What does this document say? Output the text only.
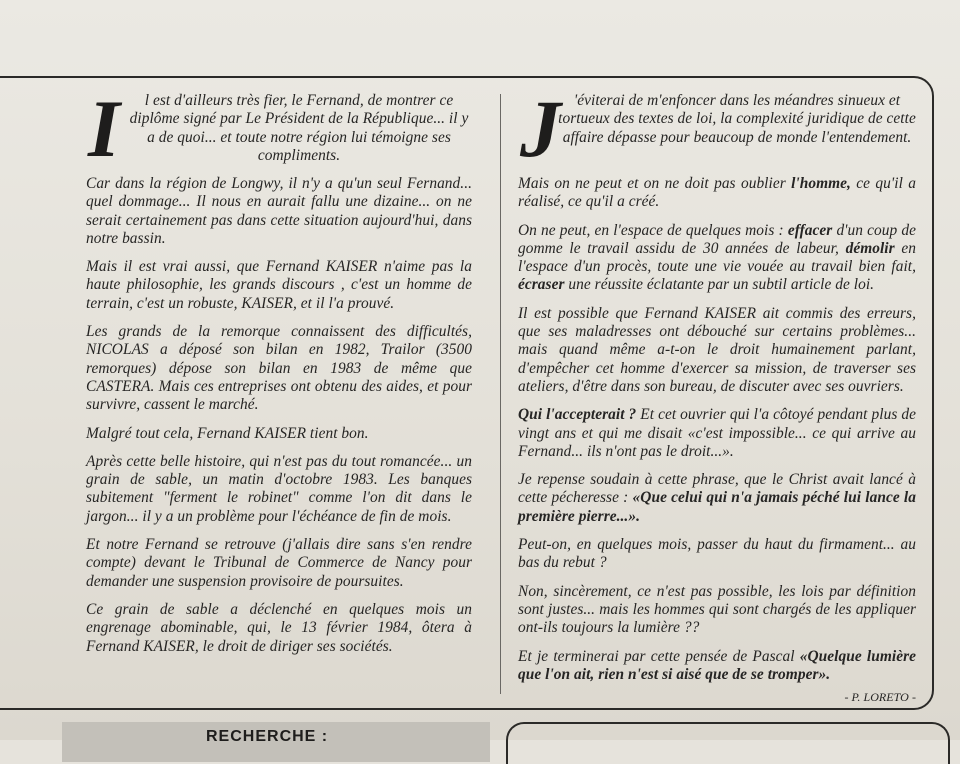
I	l est d'ailleurs très fier, le Fernand, de montrer ce diplôme signé par Le Président de la République... il y a de quoi... et toute notre région lui témoigne ses compliments.

Car dans la région de Longwy, il n'y a qu'un seul Fernand... quel dommage... Il nous en aurait fallu une dizaine... on ne serait certainement pas dans cette situation aujourd'hui, dans notre bassin.

Mais il est vrai aussi, que Fernand KAISER n'aime pas la haute philosophie, les grands discours , c'est un homme de terrain, c'est un robuste, KAISER, et il l'a prouvé.

Les grands de la remorque connaissent des difficultés, NICOLAS a déposé son bilan en 1982, Trailor (3500 remorques) dépose son bilan en 1983 de même que CASTERA. Mais ces entreprises ont obtenu des aides, et pour survivre, cassent le marché.

Malgré tout cela, Fernand KAISER tient bon.

Après cette belle histoire, qui n'est pas du tout romancée... un grain de sable, un matin d'octobre 1983. Les banques subitement "ferment le robinet" comme l'on dit dans le jargon... il y a un problème pour l'échéance de fin de mois.

Et notre Fernand se retrouve (j'allais dire sans s'en rendre compte) devant le Tribunal de Commerce de Nancy pour demander une suspension provisoire de poursuites.

Ce grain de sable a déclenché en quelques mois un engrenage abominable, qui, le 13 février 1984, ôtera à Fernand KAISER, le droit de diriger ses sociétés.

J 'éviterai de m'enfoncer dans les méandres sinueux et tortueux des textes de loi, la complexité juridique de cette affaire dépasse pour beaucoup de monde l'entendement.

Mais on ne peut et on ne doit pas oublier l'homme, ce qu'il a réalisé, ce qu'il a créé.

On ne peut, en l'espace de quelques mois : effacer d'un coup de gomme le travail assidu de 30 années de labeur, démolir en l'espace d'un procès, toute une vie vouée au travail bien fait, écraser une réussite éclatante par un subtil article de loi.

Il est possible que Fernand KAISER ait commis des erreurs, que ses maladresses ont débouché sur certains problèmes... mais quand même a-t-on le droit humainement parlant, d'empêcher cet homme d'exercer sa mission, de traverser ses ateliers, d'être dans son bureau, de discuter avec ses ouvriers.

Qui l'accepterait ? Et cet ouvrier qui l'a côtoyé pendant plus de vingt ans et qui me disait «c'est impossible... ce qui arrive au Fernand... ils n'ont pas le droit...».

Je repense soudain à cette phrase, que le Christ avait lancé à cette pécheresse : «Que celui qui n'a jamais péché lui lance la première pierre...».

Peut-on, en quelques mois, passer du haut du firmament... au bas du rebut ?

Non, sincèrement, ce n'est pas possible, les lois par définition sont justes... mais les hommes qui sont chargés de les appliquer ont-ils toujours la lumière ??

Et je terminerai par cette pensée de Pascal «Quelque lumière que l'on ait, rien n'est si aisé que de se tromper».

- P. LORETO -

RECHERCHE :
